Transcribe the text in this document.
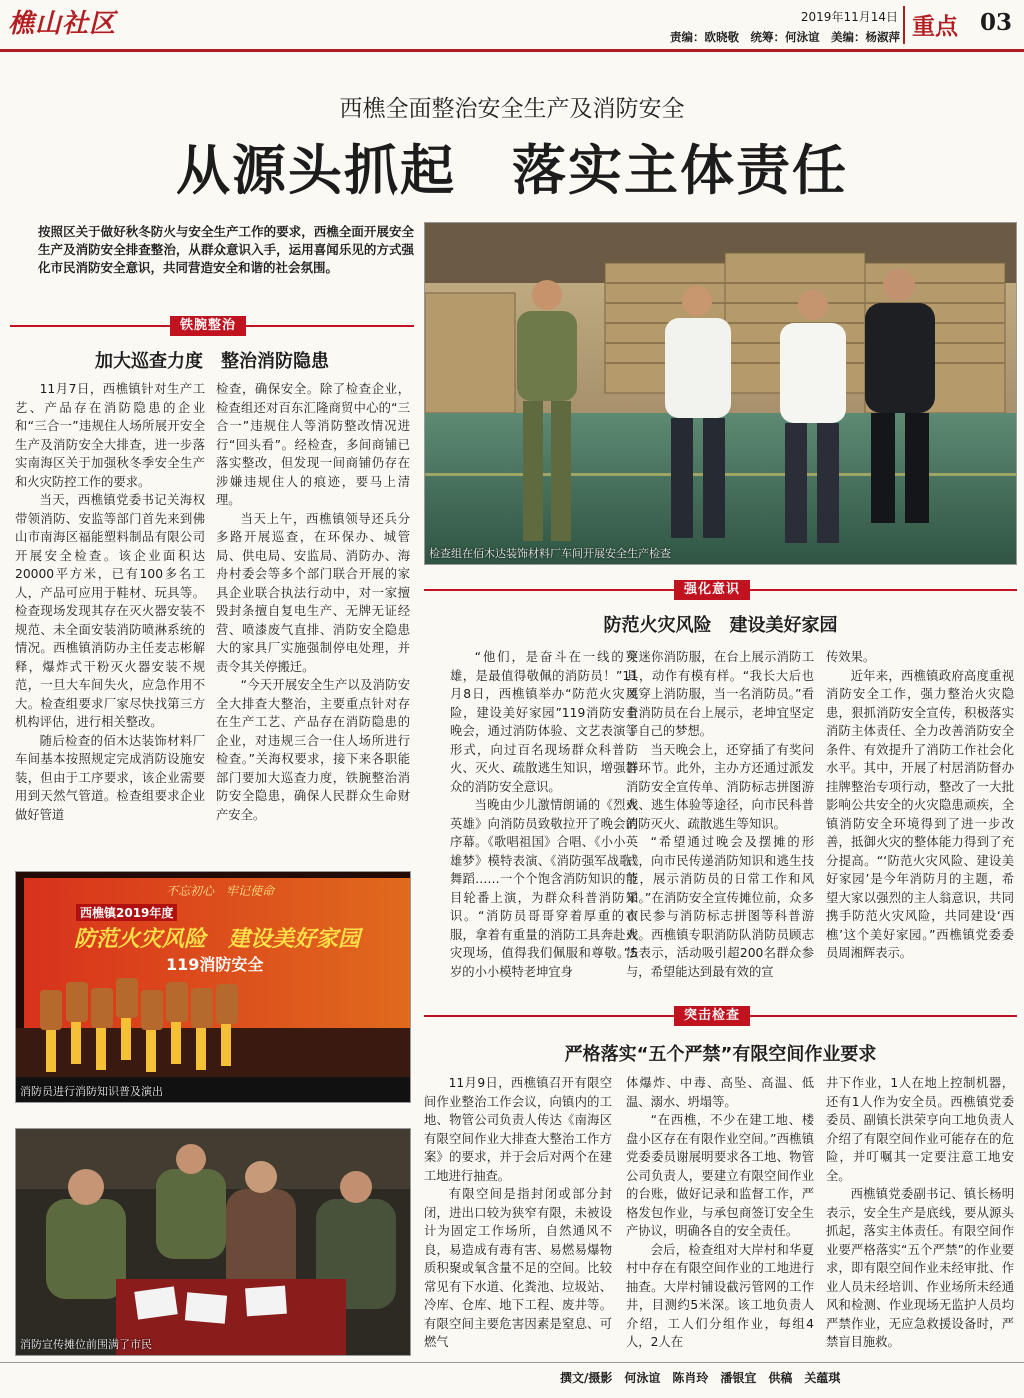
樵山社区	2019年11月14日
责编：欧晓敬　统筹：何泳谊　美编：杨淑萍 重点 03
西樵全面整治安全生产及消防安全
从源头抓起　落实主体责任
按照区关于做好秋冬防火与安全生产工作的要求，西樵全面开展安全生产及消防安全排查整治，从群众意识入手，运用喜闻乐见的方式强化市民消防安全意识，共同营造安全和谐的社会氛围。
检查组在佰木达装饰材料厂车间开展安全生产检查
铁腕整治
加大巡查力度　整治消防隐患

11月7日，西樵镇针对生产工艺、产品存在消防隐患的企业和“三合一”违规住人场所展开安全生产及消防安全大排查，进一步落实南海区关于加强秋冬季安全生产和火灾防控工作的要求。

当天，西樵镇党委书记关海权带领消防、安监等部门首先来到佛山市南海区福能塑料制品有限公司开展安全检查。该企业面积达20000平方米，已有100多名工人，产品可应用于鞋材、玩具等。检查现场发现其存在灭火器安装不规范、未全面安装消防喷淋系统的情况。西樵镇消防办主任麦志彬解释，爆炸式干粉灭火器安装不规范，一旦大车间失火，应急作用不大。检查组要求厂家尽快找第三方机构评估，进行相关整改。

随后检查的佰木达装饰材料厂车间基本按照规定完成消防设施安装，但由于工序要求，该企业需要用到天然气管道。检查组要求企业做好管道

检查，确保安全。除了检查企业，检查组还对百东汇隆商贸中心的“三合一”违规住人等消防整改情况进行“回头看”。经检查，多间商铺已落实整改，但发现一间商铺仍存在涉嫌违规住人的痕迹，要马上清理。

当天上午，西樵镇领导还兵分多路开展巡查，在环保办、城管局、供电局、安监局、消防办、海舟村委会等多个部门联合开展的家具企业联合执法行动中，对一家擅毁封条擅自复电生产、无牌无证经营、喷漆废气直排、消防安全隐患大的家具厂实施强制停电处理，并责令其关停搬迁。

“今天开展安全生产以及消防安全大排查大整治，主要重点针对存在生产工艺、产品存在消防隐患的企业，对违规三合一住人场所进行检查。”关海权要求，接下来各职能部门要加大巡查力度，铁腕整治消防安全隐患，确保人民群众生命财产安全。

强化意识
防范火灾风险　建设美好家园

“他们，是奋斗在一线的英雄，是最值得敬佩的消防员！”11月8日，西樵镇举办“防范火灾风险，建设美好家园”119消防安全晚会，通过消防体验、文艺表演等形式，向过百名现场群众科普防火、灭火、疏散逃生知识，增强群众的消防安全意识。

当晚由少儿激情朗诵的《烈火英雄》向消防员致敬拉开了晚会的序幕。《歌唱祖国》合唱、《小小英雄梦》模特表演、《消防强军战歌》舞蹈……一个个饱含消防知识的节目轮番上演，为群众科普消防知识。“消防员哥哥穿着厚重的衣服，拿着有重量的消防工具奔赴火灾现场，值得我们佩服和尊敬。”5岁的小小模特老坤宜身

穿迷你消防服，在台上展示消防工具，动作有模有样。“我长大后也要穿上消防服，当一名消防员。”看着消防员在台上展示，老坤宜坚定了自己的梦想。

当天晚会上，还穿插了有奖问答环节。此外，主办方还通过派发消防安全宣传单、消防标志拼图游戏、逃生体验等途径，向市民科普消防灭火、疏散逃生等知识。

“希望通过晚会及摆摊的形式，向市民传递消防知识和逃生技能，展示消防员的日常工作和风采。”在消防安全宣传摊位前，众多市民参与消防标志拼图等科普游戏。西樵镇专职消防队消防员顾志法表示，活动吸引超200名群众参与，希望能达到最有效的宣

传效果。

近年来，西樵镇政府高度重视消防安全工作，强力整治火灾隐患，狠抓消防安全宣传，积极落实消防主体责任、全力改善消防安全条件、有效提升了消防工作社会化水平。其中，开展了村居消防督办挂牌整治专项行动，整改了一大批影响公共安全的火灾隐患顽疾，全镇消防安全环境得到了进一步改善，抵御火灾的整体能力得到了充分提高。“‘防范火灾风险、建设美好家园’是今年消防月的主题，希望大家以强烈的主人翁意识，共同携手防范火灾风险，共同建设‘西樵’这个美好家园。”西樵镇党委委员周湘辉表示。

不忘初心　牢记使命
西樵镇2019年度
防范火灾风险　建设美好家园
119消防安全
消防员进行消防知识普及演出
消防宣传摊位前围满了市民
突击检查
严格落实“五个严禁”有限空间作业要求

11月9日，西樵镇召开有限空间作业整治工作会议，向镇内的工地、物管公司负责人传达《南海区有限空间作业大排查大整治工作方案》的要求，并于会后对两个在建工地进行抽查。

有限空间是指封闭或部分封闭，进出口较为狭窄有限，未被设计为固定工作场所，自然通风不良，易造成有毒有害、易燃易爆物质积聚或氧含量不足的空间。比较常见有下水道、化粪池、垃圾站、冷库、仓库、地下工程、废井等。有限空间主要危害因素是窒息、可燃气

体爆炸、中毒、高坠、高温、低温、溺水、坍塌等。

“在西樵，不少在建工地、楼盘小区存在有限作业空间。”西樵镇党委委员谢展明要求各工地、物管公司负责人，要建立有限空间作业的台账，做好记录和监督工作，严格发包作业，与承包商签订安全生产协议，明确各自的安全责任。

会后，检查组对大岸村和华夏村中存在有限空间作业的工地进行抽查。大岸村铺设截污管网的工作井，目测约5米深。该工地负责人介绍，工人们分组作业，每组4人，2人在

井下作业，1人在地上控制机器，还有1人作为安全员。西樵镇党委委员、副镇长洪荣亨向工地负责人介绍了有限空间作业可能存在的危险，并叮嘱其一定要注意工地安全。

西樵镇党委副书记、镇长杨明表示，安全生产是底线，要从源头抓起，落实主体责任。有限空间作业要严格落实“五个严禁”的作业要求，即有限空间作业未经审批、作业人员未经培训、作业场所未经通风和检测、作业现场无监护人员均严禁作业，无应急救援设备时，严禁盲目施救。

撰文/摄影　何泳谊　陈肖玲　潘银宜　供稿　关蕴琪
